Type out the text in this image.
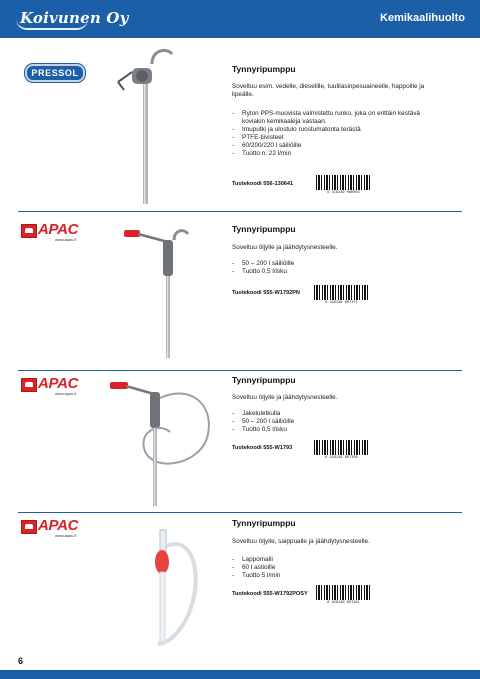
Koivunen Oy	Kemikaalihuolto
PRESSOL	Tynnyripumppu
Soveltuu esim. vedelle, dieselille, tuulilasinpesuaineelle, happoille ja lipeälle.
- Ryton PPS-muovista valmistettu runko, joka on erittäin kestävä koviakin kemikaaleja vastaan.
- Imuputki ja ulostulo ruostumatonta terästä
- PTFE-tiivisteet
- 60/200/220 l säiliöille
- Tuotto n. 22 l/min
Tuotekoodi 556-130641
6 416240 906983
APAC
www.apac.it
Tynnyripumppu
Soveltuu öljylle ja jäähdytysnesteelle.
- 50 – 200 l säiliöille
- Tuotto 0,5 l/isku
Tuotekoodi 555-W1792PN
6 416240 897371
APAC
www.apac.it
Tynnyripumppu
Soveltuu öljylle ja jäähdytysnesteelle.
- Jakeluletkulla
- 50 – 200 l säiliöille
- Tuotto 0,5 l/isku
Tuotekoodi 555-W1793
6 416240 897395
APAC
www.apac.it
Tynnyripumppu
Soveltuu öljylle, saippualle ja jäähdytysnesteelle.
- Lappomalli
- 60 l astioille
- Tuotto 5 l/min
Tuotekoodi 555-W1792POSY
6 416240 897401
6
